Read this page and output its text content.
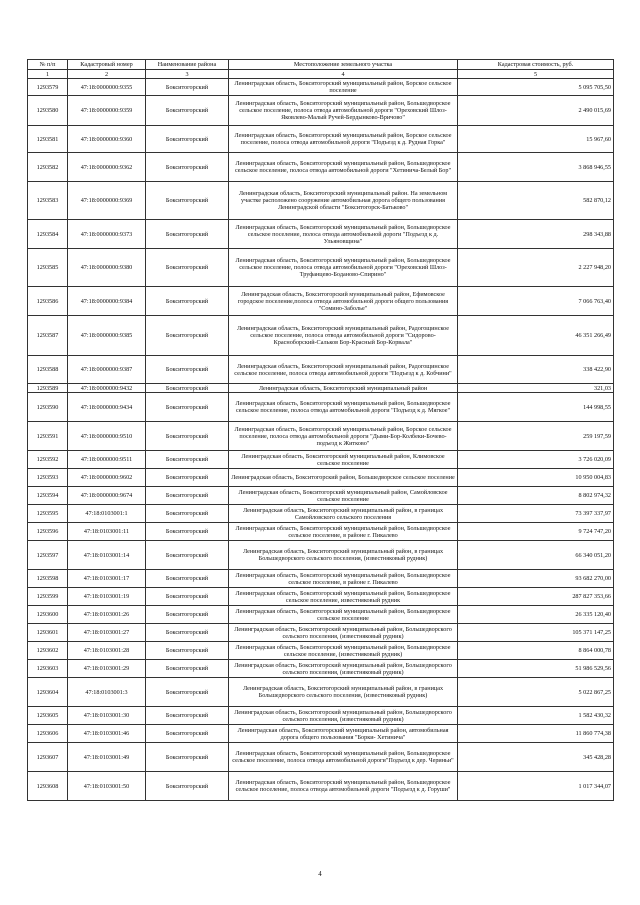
№ п/п	Кадастровый номер	Наименование района	Местоположение земельного участка	Кадастровая стоимость, руб.
1	2	3	4	5
1293579	47:18:0000000:9355	Бокситогорский	Ленинградская область, Бокситогорский муниципальный район, Борское сельское поселение	5 095 705,50
1293580	47:18:0000000:9359	Бокситогорский	Ленинградская область, Бокситогорский муниципальный район, Большедворское сельское поселение, полоса отвода автомобильной дороги "Ореховский Шлоз-Яковлево-Малый Ручей-Бердынково-Вричово"	2 490 015,69
1293581	47:18:0000000:9360	Бокситогорский	Ленинградская область, Бокситогорский муниципальный район, Борское сельское поселение, полоса отвода автомобильной дороги "Подъезд к д. Рудная Горка"	15 967,60
1293582	47:18:0000000:9362	Бокситогорский	Ленинградская область, Бокситогорский муниципальный район, Большедворское сельское поселение, полоса отвода автомобильной дороги "Хетинича-Белый Бор"	3 868 946,55
1293583	47:18:0000000:9369	Бокситогорский	Ленинградская область, Бокситогорский муниципальный район. На земельном участке расположено сооружение автомобильная дорога общего пользования Ленинградской области "Бокситогорск-Батьково"	582 870,12
1293584	47:18:0000000:9373	Бокситогорский	Ленинградская область, Бокситогорский муниципальный район, Большедворское сельское поселение, полоса отвода автомобильной дороги "Подъезд к д. Ульяновщина"	298 343,88
1293585	47:18:0000000:9380	Бокситогорский	Ленинградская область, Бокситогорский муниципальный район, Большедворское сельское поселение, полоса отвода автомобильной дороги "Ореховский Шлоз-Труфанцево-Боданово-Спирино"	2 227 948,20
1293586	47:18:0000000:9384	Бокситогорский	Ленинградская область, Бокситогорский муниципальный район, Ефимовское городское поселение,полоса отвода автомобильной дороги общего пользования "Сомино-Заболье"	7 066 763,40
1293587	47:18:0000000:9385	Бокситогорский	Ленинградская область, Бокситогорский муниципальный район, Радогощинское сельское поселение, полоса отвода автомобильной дороги "Сидорово-Красноборский-Сальков Бор-Красный Бор-Корвала"	46 351 266,49
1293588	47:18:0000000:9387	Бокситогорский	Ленинградская область, Бокситогорский муниципальный район, Радогощинское сельское поселение, полоса отвода автомобильной дороги "Подъезд к д. Кобчини"	338 422,90
1293589	47:18:0000000:9432	Бокситогорский	Ленинградская область, Бокситогорский муниципальный район	321,03
1293590	47:18:0000000:9434	Бокситогорский	Ленинградская область, Бокситогорский муниципальный район, Большедворское сельское поселение, полоса отвода автомобильной дороги "Подъезд к д. Мягкое"	144 998,55
1293591	47:18:0000000:9510	Бокситогорский	Ленинградская область, Бокситогорский муниципальный район, Борское сельское поселение, полоса отвода автомобильной дороги "Дыми-Бор-Колбеки-Бочево-подъезд к Житково"	259 197,59
1293592	47:18:0000000:9511	Бокситогорский	Ленинградская область, Бокситогорский муниципальный район, Климовское сельское поселение	3 726 020,09
1293593	47:18:0000000:9602	Бокситогорский	Ленинградская область, Бокситогорский район, Большедворское сельское поселение	10 950 004,83
1293594	47:18:0000000:9674	Бокситогорский	Ленинградская область, Бокситогорский муниципальный район, Самойловское сельское поселение	8 802 974,32
1293595	47:18:0103001:1	Бокситогорский	Ленинградская область, Бокситогорский муниципальный район, в границах Самойловского сельского поселения	73 397 337,97
1293596	47:18:0103001:11	Бокситогорский	Ленинградская область, Бокситогорский муниципальный район, Большедворское сельское поселение, в районе г. Пикалево	9 724 747,20
1293597	47:18:0103001:14	Бокситогорский	Ленинградская область, Бокситогорский муниципальный район, в границах Большедворского сельского поселения, (известняковый рудник)	66 340 051,20
1293598	47:18:0103001:17	Бокситогорский	Ленинградская область, Бокситогорский муниципальный район, Большедворское сельское поселение, в районе г. Пикалево	93 682 270,00
1293599	47:18:0103001:19	Бокситогорский	Ленинградская область, Бокситогорский муниципальный район, Большедворское сельское поселение, известняковый рудник	287 827 353,66
1293600	47:18:0103001:26	Бокситогорский	Ленинградская область, Бокситогорский муниципальный район, Большедворское сельское поселение	26 335 120,40
1293601	47:18:0103001:27	Бокситогорский	Ленинградская область, Бокситогорский муниципальный район, Большедворского сельского поселения, (известняковый рудник)	105 371 147,25
1293602	47:18:0103001:28	Бокситогорский	Ленинградская область, Бокситогорский муниципальный район, Большедворское сельское поселение, (известняковый рудник)	8 864 000,78
1293603	47:18:0103001:29	Бокситогорский	Ленинградская область, Бокситогорский муниципальный район, Большедворского сельского поселения, (известняковый рудник)	51 986 529,56
1293604	47:18:0103001:3	Бокситогорский	Ленинградская область, Бокситогорский муниципальный район, в границах Большедворского сельского поселения, (известняковый рудник)	5 022 867,25
1293605	47:18:0103001:30	Бокситогорский	Ленинградская область, Бокситогорский муниципальный район, Большедворского сельского поселения, (известняковый рудник)	1 582 430,32
1293606	47:18:0103001:46	Бокситогорский	Ленинградская область, Бокситогорский муниципальный район, автомобильная дорога общего пользования "Борки- Хетинича"	11 860 774,38
1293607	47:18:0103001:49	Бокситогорский	Ленинградская область, Бокситогорский муниципальный район, Большедворское сельское поселение, полоса отвода автомобильной дороги"Подъезд к дер. Чериньи"	345 428,28
1293608	47:18:0103001:50	Бокситогорский	Ленинградская область, Бокситогорский муниципальный район, Большедворское сельское поселение, полоса отвода автомобильной дороги "Подъезд к д. Горуши"	1 017 344,07
4
